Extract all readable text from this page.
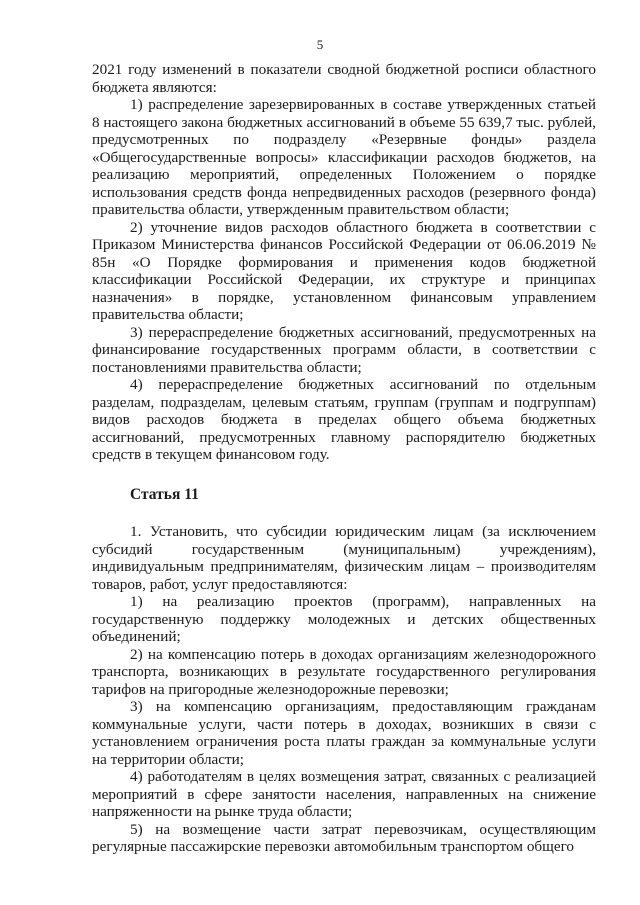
5

2021 году изменений в показатели сводной бюджетной росписи областного бюджета являются:

1) распределение зарезервированных в составе утвержденных статьей 8 настоящего закона бюджетных ассигнований в объеме 55 639,7 тыс. рублей, предусмотренных по подразделу «Резервные фонды» раздела «Общегосударственные вопросы» классификации расходов бюджетов, на реализацию мероприятий, определенных Положением о порядке использования средств фонда непредвиденных расходов (резервного фонда) правительства области, утвержденным правительством области;

2) уточнение видов расходов областного бюджета в соответствии с Приказом Министерства финансов Российской Федерации от 06.06.2019 № 85н «О Порядке формирования и применения кодов бюджетной классификации Российской Федерации, их структуре и принципах назначения» в порядке, установленном финансовым управлением правительства области;

3) перераспределение бюджетных ассигнований, предусмотренных на финансирование государственных программ области, в соответствии с постановлениями правительства области;

4) перераспределение бюджетных ассигнований по отдельным разделам, подразделам, целевым статьям, группам (группам и подгруппам) видов расходов бюджета в пределах общего объема бюджетных ассигнований, предусмотренных главному распорядителю бюджетных средств в текущем финансовом году.

Статья 11

1. Установить, что субсидии юридическим лицам (за исключением субсидий государственным (муниципальным) учреждениям), индивидуальным предпринимателям, физическим лицам – производителям товаров, работ, услуг предоставляются:

1) на реализацию проектов (программ), направленных на государственную поддержку молодежных и детских общественных объединений;

2) на компенсацию потерь в доходах организациям железнодорожного транспорта, возникающих в результате государственного регулирования тарифов на пригородные железнодорожные перевозки;

3) на компенсацию организациям, предоставляющим гражданам коммунальные услуги, части потерь в доходах, возникших в связи с установлением ограничения роста платы граждан за коммунальные услуги на территории области;

4) работодателям в целях возмещения затрат, связанных с реализацией мероприятий в сфере занятости населения, направленных на снижение напряженности на рынке труда области;

5) на возмещение части затрат перевозчикам, осуществляющим регулярные пассажирские перевозки автомобильным транспортом общего
